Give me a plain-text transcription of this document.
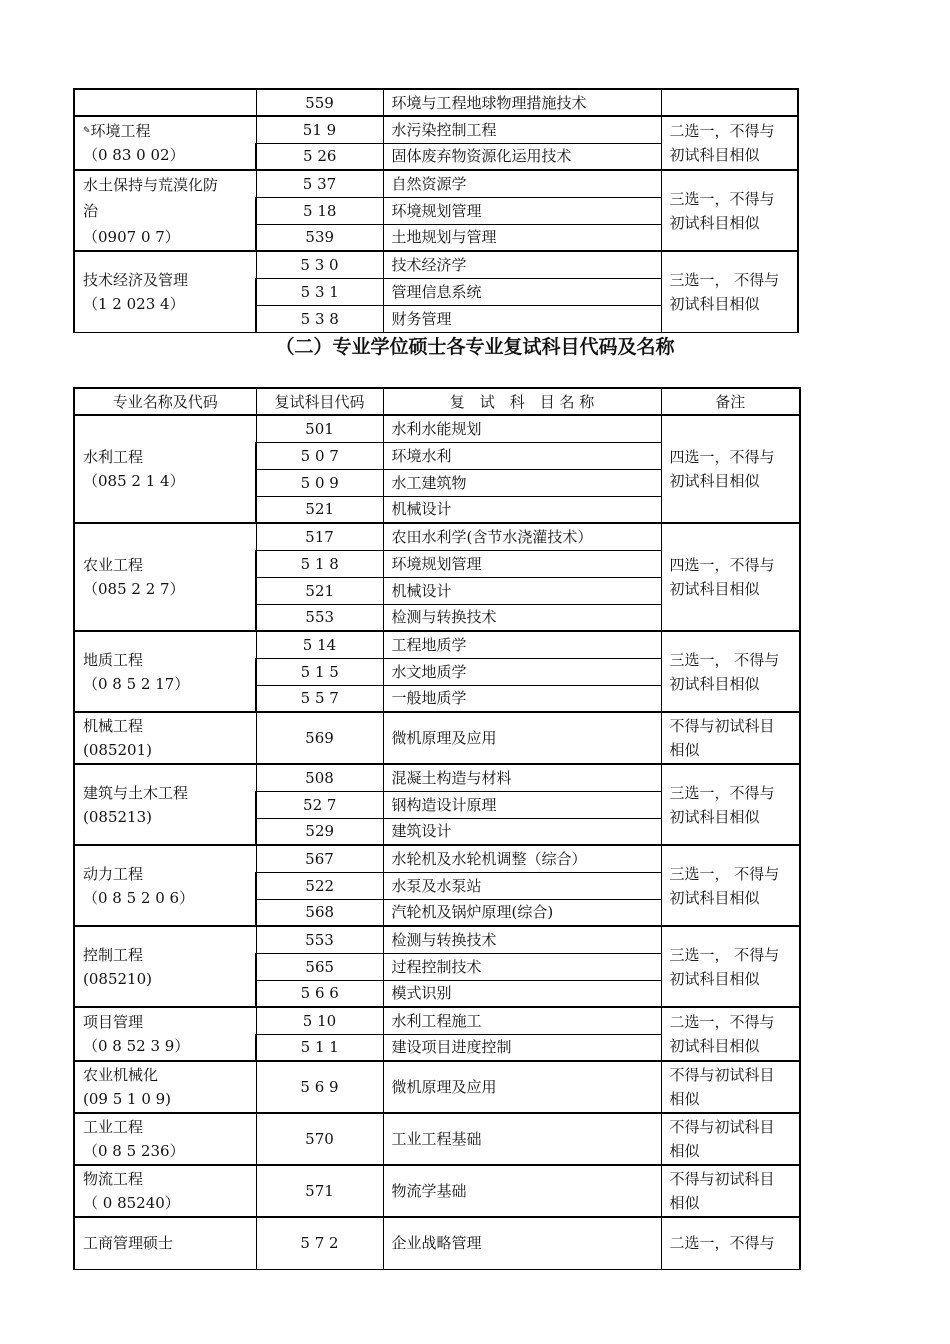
	559	环境与工程地球物理措施技术	
✎环境工程
（0 83 0 02）	51 9	水污染控制工程	二选一，不得与
初试科目相似

	5 26	固体废弃物资源化运用技术	
水土保持与荒漠化防
治
（0907 0 7）	5 37	自然资源学	三选一，不得与
初试科目相似

	5 18	环境规划管理	
	539	土地规划与管理	
技术经济及管理
（1 2 023 4）	5 3 0	技术经济学	三选一， 不得与
初试科目相似

	5 3 1	管理信息系统	
	5 3 8	财务管理	
（二）专业学位硕士各专业复试科目代码及名称
专业名称及代码	复试科目代码	复　试　科　目 名 称	备注
水利工程
（085 2 1 4）	501	水利水能规划	四选一，不得与
初试科目相似

	5 0 7	环境水利	
	5 0 9	水工建筑物	
	521	机械设计	
农业工程
（085 2 2 7）	517	农田水利学(含节水浇灌技术）	四选一，不得与
初试科目相似

	5 1 8	环境规划管理	
	521	机械设计	
	553	检测与转换技术	
地质工程
（0 8 5 2 17）	5 14	工程地质学	三选一， 不得与
初试科目相似

	5 1 5	水文地质学	
	5 5 7	一般地质学	
机械工程
(085201)	569	微机原理及应用	不得与初试科目
相似

建筑与土木工程
(085213)	508	混凝土构造与材料	三选一，不得与
初试科目相似

	52 7	钢构造设计原理	
	529	建筑设计	
动力工程
（0 8 5 2 0 6）	567	水轮机及水轮机调整（综合）	三选一， 不得与
初试科目相似

	522	水泵及水泵站	
	568	汽轮机及锅炉原理(综合)	
控制工程
(085210)	553	检测与转换技术	三选一， 不得与
初试科目相似

	565	过程控制技术	
	5 6 6	模式识别	
项目管理
（0 8 52 3 9）	5 10	水利工程施工	二选一，不得与
初试科目相似

	5 1 1	建设项目进度控制	
农业机械化
(09 5 1 0 9)	5 6 9	微机原理及应用	不得与初试科目
相似

工业工程
（0 8 5 236）	570	工业工程基础	不得与初试科目
相似

物流工程
（ 0 85240）	571	物流学基础	不得与初试科目
相似

工商管理硕士	5 7 2	企业战略管理	二选一，不得与
